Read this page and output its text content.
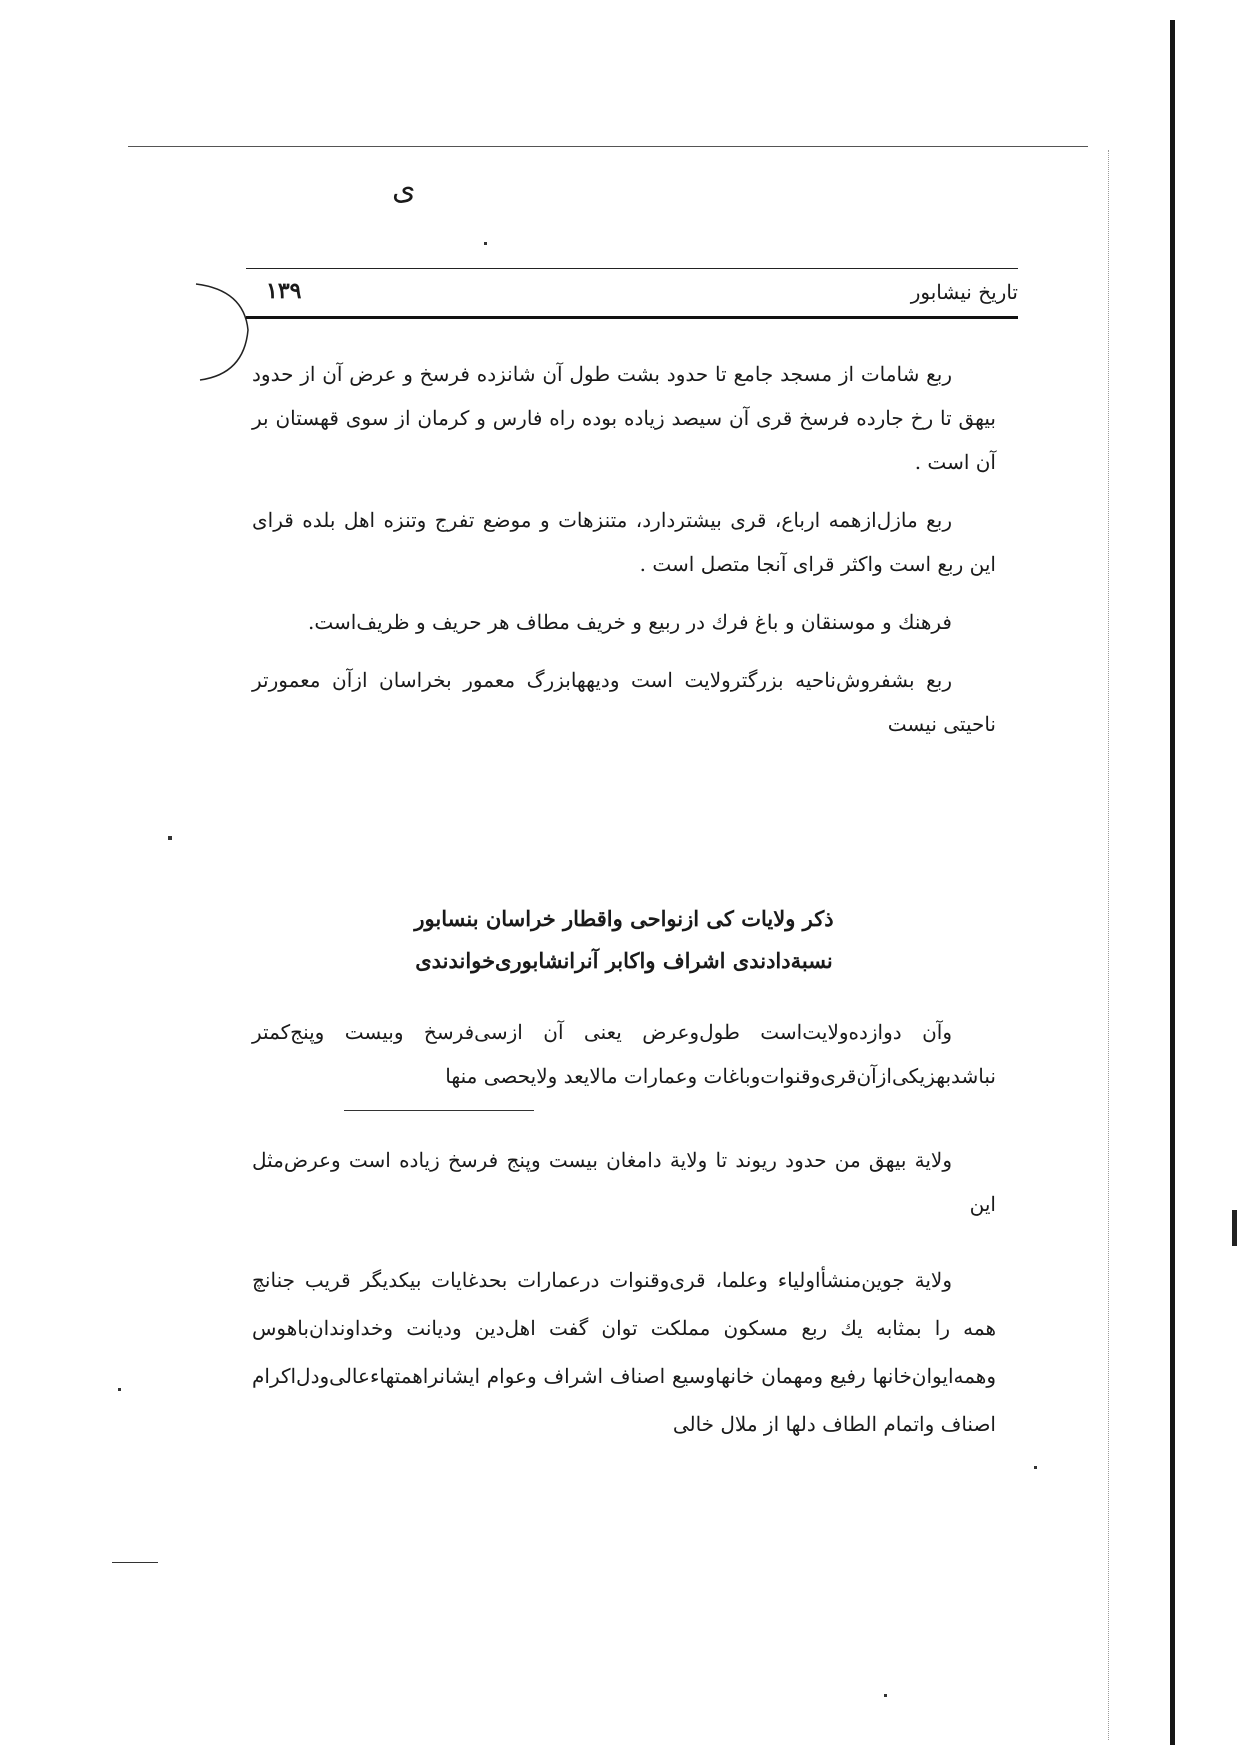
ى
تاریخ نیشابور
۱۳۹

ربع شامات از مسجد جامع تا حدود بشت طول آن شانزده فرسخ و عرض آن از حدود بیهق تا رخ جارده فرسخ قری آن سیصد زیاده بوده راه فارس و کرمان از سوی قهستان بر آن است .

ربع مازل‌ازهمه ارباع، قری بیشتردارد، متنزهات و موضع تفرج وتنزه اهل بلده قرای این ربع است واکثر قرای آنجا متصل است .

فرهنك و موسنقان و باغ فرك در ربیع و خریف مطاف هر حریف و ظریف‌است.

ربع بشفروش‌ناحیه بزرگترولایت است ودیههابزرگ معمور بخراسان ازآن معمورتر ناحیتی نیست

ذکر ولایات کی ازنواحی واقطار خراسان بنسابور
نسبة‌دادندی اشراف واکابر آنرانشابوری‌خواندندی

وآن دوازده‌ولایت‌است طول‌وعرض یعنی آن ازسی‌فرسخ وبیست وپنج‌کمتر نباشدبهزیکی‌ازآن‌قری‌وقنوات‌وباغات وعمارات مالایعد ولایحصی منها

ولایة بیهق من حدود ریوند تا ولایة دامغان بیست وپنج فرسخ زیاده است وعرض‌مثل این

ولایة جوین‌منشأاولیاء وعلما، قری‌وقنوات درعمارات بحدغایات بیکدیگر قریب جنانچ همه را بمثابه یك ربع مسکون مملکت توان گفت اهل‌دین ودیانت وخداوندان‌باهوس وهمه‌ایوان‌خانها رفیع ومهمان خانهاوسیع اصناف اشراف وعوام ایشانراهمتهاءعالی‌ودل‌اکرام اصناف واتمام الطاف دلها از ملال خالی
